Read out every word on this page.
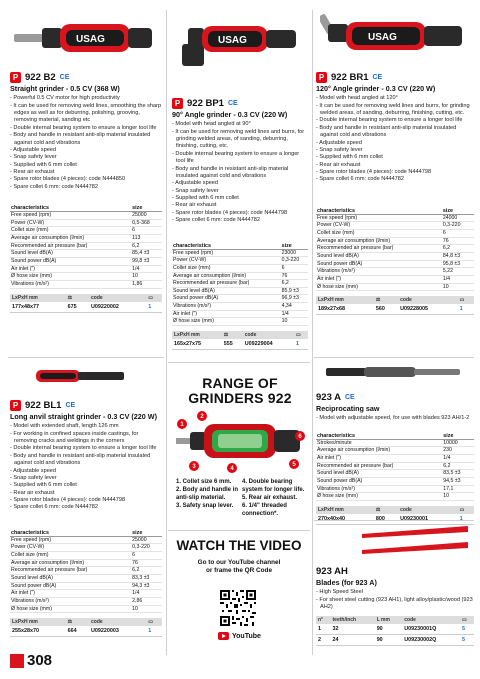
USAG
P 922 B2 CE
Straight grinder - 0.5 CV (368 W)
- Powerful 0.5 CV motor for high productivity
- It can be used for removing weld lines, smoothing the sharp edges as well as for deburring, polishing, grooving, removing material, sanding etc
- Double internal bearing system to ensure a longer tool life
- Body and handle in resistant anti-slip material insulated against cold and vibrations
- Adjustable speed
- Snap safety lever
- Supplied with 6 mm collet
- Rear air exhaust
- Spare rotor blades (4 pieces): code N444850
- Spare collet 6 mm: code N444782
characteristics	size
Free speed (rpm)	25000
Power (CV-W)	0,5-368
Collet size (mm)	6
Average air consumption (l/min)	113
Recommended air pressure (bar)	6,2
Sound level dB(A)	85,4 ±3
Sound power dB(A)	99,8 ±3
Air inlet (")	1/4
Ø hose size (mm)	10
Vibrations (m/s²)	1,86
LxPxH mm	⚖	code	▭
177x48x77	675	U09220002	1
USAG
P 922 BP1 CE
90° Angle grinder - 0.3 CV (220 W)
- Model with head angled at 90°
- It can be used for removing weld lines and burrs, for grinding welded areas, of sanding, deburring, finishing, cutting, etc.
- Double internal bearing system to ensure a longer tool life
- Body and handle in resistant anti-slip material insulated against cold and vibrations
- Adjustable speed
- Snap safety lever
- Supplied with 6 mm collet
- Rear air exhaust
- Spare rotor blades (4 pieces): code N444798
- Spare collet 6 mm: code N444782
characteristics	size
Free speed (rpm)	23000
Power (CV-W)	0,3-220
Collet size (mm)	6
Average air consumption (l/min)	76
Recommended air pressure (bar)	6,2
Sound level dB(A)	85,9 ±3
Sound power dB(A)	96,9 ±3
Vibrations (m/s²)	4,34
Air inlet (")	1/4
Ø hose size (mm)	10
LxPxH mm	⚖	code	▭
165x27x75	555	U09229004	1
USAG
P 922 BR1 CE
120° Angle grinder - 0.3 CV (220 W)
- Model with head angled at 120°
- It can be used for removing weld lines and burrs, for grinding welded areas, of sanding, deburring, finishing, cutting, etc.
- Double internal bearing system to ensure a longer tool life
- Body and handle in resistant anti-slip material insulated against cold and vibrations
- Adjustable speed
- Snap safety lever
- Supplied with 6 mm collet
- Rear air exhaust
- Spare rotor blades (4 pieces): code N444798
- Spare collet 6 mm: code N444782
characteristics	size
Free speed (rpm)	24000
Power (CV-W)	0,3-220
Collet size (mm)	6
Average air consumption (l/min)	76
Recommended air pressure (bar)	6,2
Sound level dB(A)	84,8 ±3
Sound power dB(A)	95,8 ±3
Vibrations (m/s²)	5,22
Air inlet (")	1/4
Ø hose size (mm)	10
LxPxH mm	⚖	code	▭
189x27x68	560	U09228005	1
P 922 BL1 CE
Long anvil straight grinder - 0.3 CV (220 W)
- Model with extended shaft, length 126 mm
- For working in confined spaces inside castings, for removing cracks and weldings in the corners
- Double internal bearing system to ensure a longer tool life
- Body and handle in resistant anti-slip material insulated against cold and vibrations
- Adjustable speed
- Snap safety lever
- Supplied with 6 mm collet
- Rear air exhaust
- Spare rotor blades (4 pieces): code N444798
- Spare collet 6 mm: code N444782
characteristics	size
Free speed (rpm)	25000
Power (CV-W)	0,3-220
Collet size (mm)	6
Average air consumption (l/min)	76
Recommended air pressure (bar)	6,2
Sound level dB(A)	83,3 ±3
Sound power dB(A)	94,3 ±3
Air inlet (")	1/4
Vibrations (m/s²)	2,86
Ø hose size (mm)	10
LxPxH mm	⚖	code	▭
255x28x70	664	U09220003	1
RANGE OF
GRINDERS 922
1
2
3	4
5
6
1. Collet size 6 mm.
2. Body and handle in anti-slip material.
3. Safety snap lever.
4. Double bearing system for longer life.
5. Rear air exhaust.
6. 1/4" threaded connection*.
WATCH THE VIDEO
Go to our YouTube channel
or frame the QR Code
YouTube
923 A CE
Reciprocating saw
- Model with adjustable speed, for use with blades 923 AH/1-2
characteristics	size
Strokes/minute	10000
Average air consumption (l/min)	230
Air inlet (")	1/4
Recommended air pressure (bar)	6,2
Sound level dB(A)	83,5 ±3
Sound power dB(A)	94,5 ±3
Vibrations (m/s²)	17,1
Ø hose size (mm)	10
LxPxH mm	⚖	code	▭
270x40x40	800	U09230001	1
923 AH
Blades (for 923 A)
- High Speed Steel
- For sheet steel cutting (923 AH1), light alloy/plastic/wood (923 AH2)
n°	teeth/inch	L mm	code	▭
1	32	90	U09230001Q	5
2	24	90	U09230002Q	5
308
